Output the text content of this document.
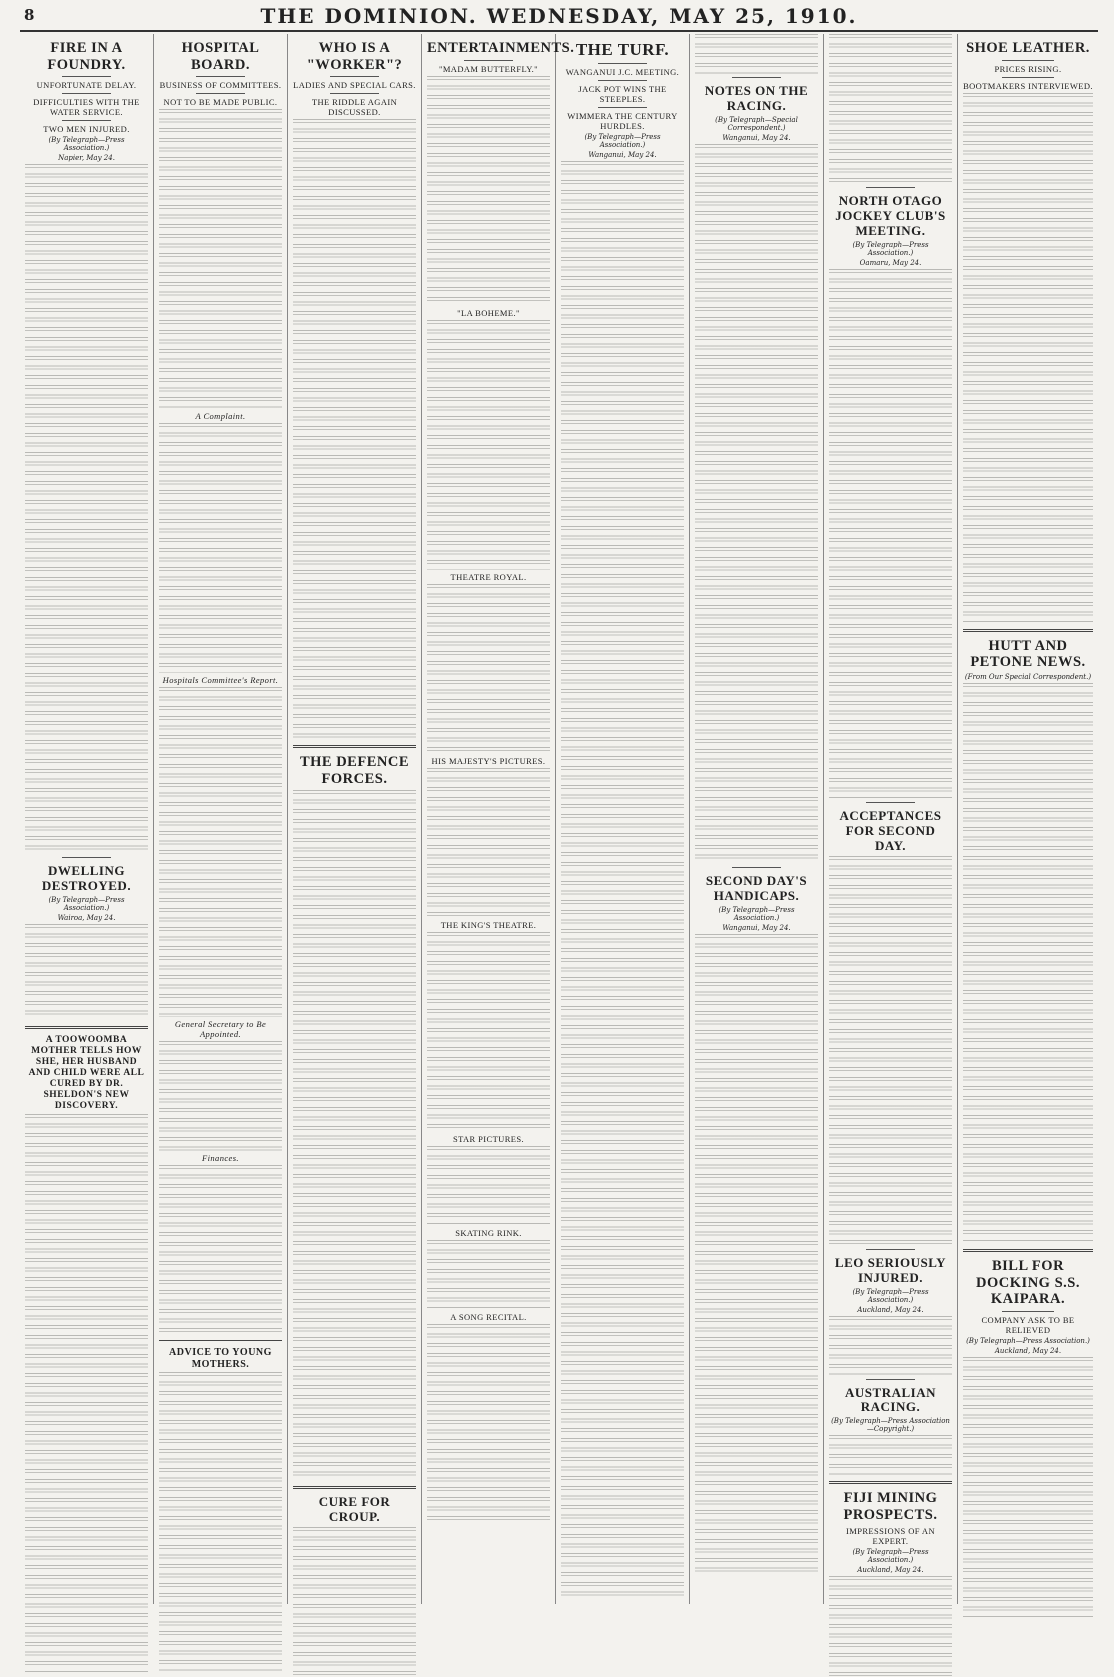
8	THE DOMINION. WEDNESDAY, MAY 25, 1910.
FIRE IN A FOUNDRY.
UNFORTUNATE DELAY.
DIFFICULTIES WITH THE WATER SERVICE.
TWO MEN INJURED.
(By Telegraph—Press Association.)
Napier, May 24.
DWELLING DESTROYED.
(By Telegraph—Press Association.)
Wairoa, May 24.
A TOOWOOMBA MOTHER TELLS HOW SHE, HER HUSBAND AND CHILD WERE ALL CURED BY DR. SHELDON'S NEW DISCOVERY.
HOSPITAL BOARD.
BUSINESS OF COMMITTEES.
NOT TO BE MADE PUBLIC.
A Complaint.
Hospitals Committee's Report.
General Secretary to Be Appointed.
Finances.
ADVICE TO YOUNG MOTHERS.
WHO IS A "WORKER"?
LADIES AND SPECIAL CARS.
THE RIDDLE AGAIN DISCUSSED.
THE DEFENCE FORCES.
CURE FOR CROUP.
ENTERTAINMENTS.
"MADAM BUTTERFLY."
"LA BOHEME."
THEATRE ROYAL.
HIS MAJESTY'S PICTURES.
THE KING'S THEATRE.
STAR PICTURES.
SKATING RINK.
A SONG RECITAL.
THE TURF.
WANGANUI J.C. MEETING.
JACK POT WINS THE STEEPLES.
WIMMERA THE CENTURY HURDLES.
(By Telegraph—Press Association.)
Wanganui, May 24.
NOTES ON THE RACING.
(By Telegraph—Special Correspondent.)
Wanganui, May 24.
SECOND DAY'S HANDICAPS.
(By Telegraph—Press Association.)
Wanganui, May 24.
NORTH OTAGO JOCKEY CLUB'S MEETING.
(By Telegraph—Press Association.)
Oamaru, May 24.
ACCEPTANCES FOR SECOND DAY.
LEO SERIOUSLY INJURED.
(By Telegraph—Press Association.)
Auckland, May 24.
AUSTRALIAN RACING.
(By Telegraph—Press Association—Copyright.)
FIJI MINING PROSPECTS.
IMPRESSIONS OF AN EXPERT.
(By Telegraph—Press Association.)
Auckland, May 24.
SHOE LEATHER.
PRICES RISING.
BOOTMAKERS INTERVIEWED.
HUTT AND PETONE NEWS.
(From Our Special Correspondent.)
BILL FOR DOCKING S.S. KAIPARA.
COMPANY ASK TO BE RELIEVED
(By Telegraph—Press Association.)
Auckland, May 24.
